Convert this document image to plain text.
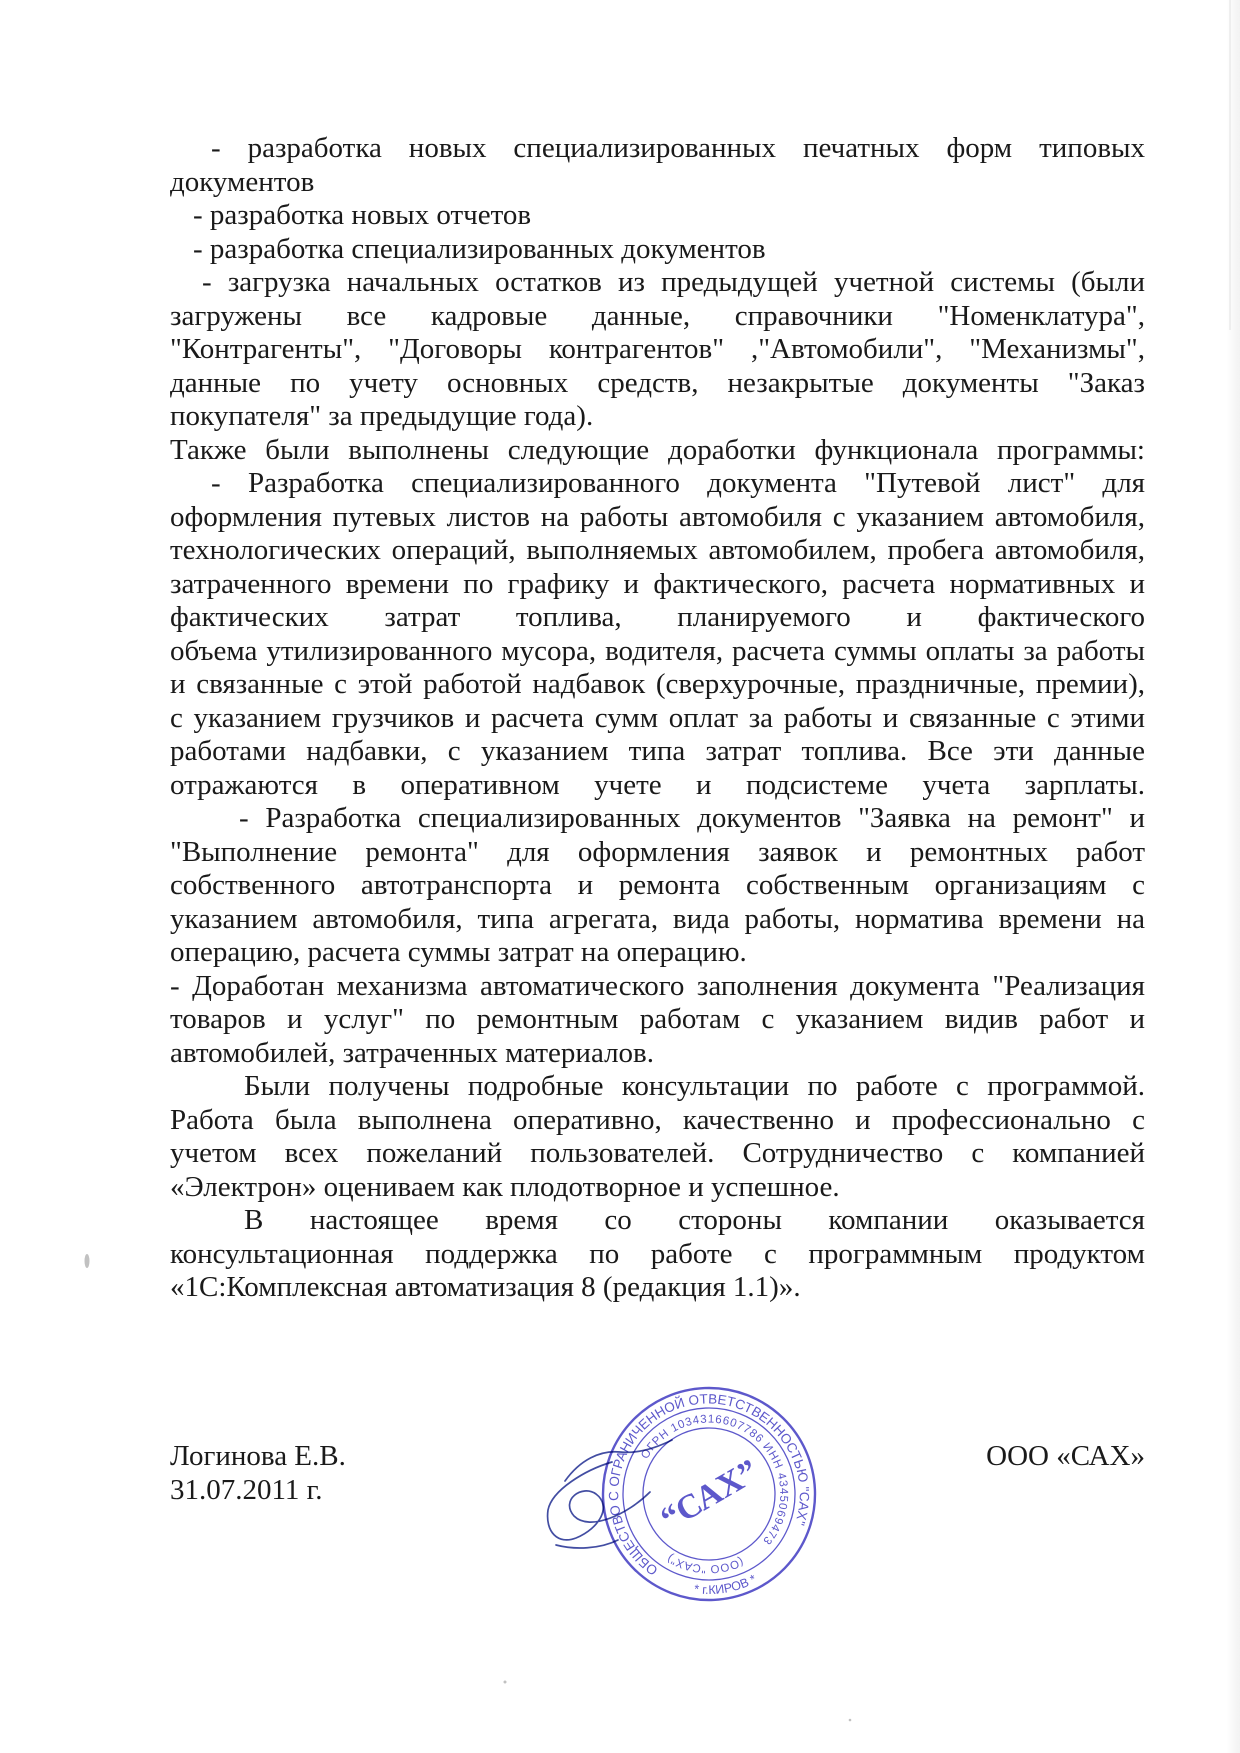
- разработка новых специализированных печатных форм типовых
документов
- разработка новых отчетов
- разработка специализированных документов
- загрузка начальных остатков из предыдущей учетной системы (были
загружены все кадровые данные, справочники "Номенклатура",
"Контрагенты", "Договоры контрагентов" ,"Автомобили", "Механизмы",
данные по учету основных средств, незакрытые документы "Заказ
покупателя" за предыдущие года).
Также были выполнены следующие доработки функционала программы:
- Разработка специализированного документа "Путевой лист" для
оформления путевых листов на работы автомобиля с указанием автомобиля,
технологических операций, выполняемых автомобилем, пробега автомобиля,
затраченного времени по графику и фактического, расчета нормативных и
фактических затрат топлива, планируемого и фактического
объема утилизированного мусора, водителя, расчета суммы оплаты за работы
и связанные с этой работой надбавок (сверхурочные, праздничные, премии),
с указанием грузчиков и расчета сумм оплат за работы и связанные с этими
работами надбавки, с указанием типа затрат топлива. Все эти данные
отражаются в оперативном учете и подсистеме учета зарплаты.
- Разработка специализированных документов "Заявка на ремонт" и
"Выполнение ремонта" для оформления заявок и ремонтных работ
собственного автотранспорта и ремонта собственным организациям с
указанием автомобиля, типа агрегата, вида работы, норматива времени на
операцию, расчета суммы затрат на операцию.
- Доработан механизма автоматического заполнения документа "Реализация
товаров и услуг" по ремонтным работам с указанием видив работ и
автомобилей, затраченных материалов.
Были получены подробные консультации по работе с программой.
Работа была выполнена оперативно, качественно и профессионально с
учетом всех пожеланий пользователей. Сотрудничество с компанией
«Электрон» оцениваем как плодотворное и успешное.
В настоящее время со стороны компании оказывается
консультационная поддержка по работе с программным продуктом
«1С:Комплексная автоматизация 8 (редакция 1.1)».
Логинова Е.В.
31.07.2011 г.
ООО «САХ»
ОБЩЕСТВО С ОГРАНИЧЕННОЙ ОТВЕТСТВЕННОСТЬЮ "САХ"
* г.КИРОВ *
ОГРН 1034316607786 ИНН 4345069473
(ООО "САХ")
“САХ”
